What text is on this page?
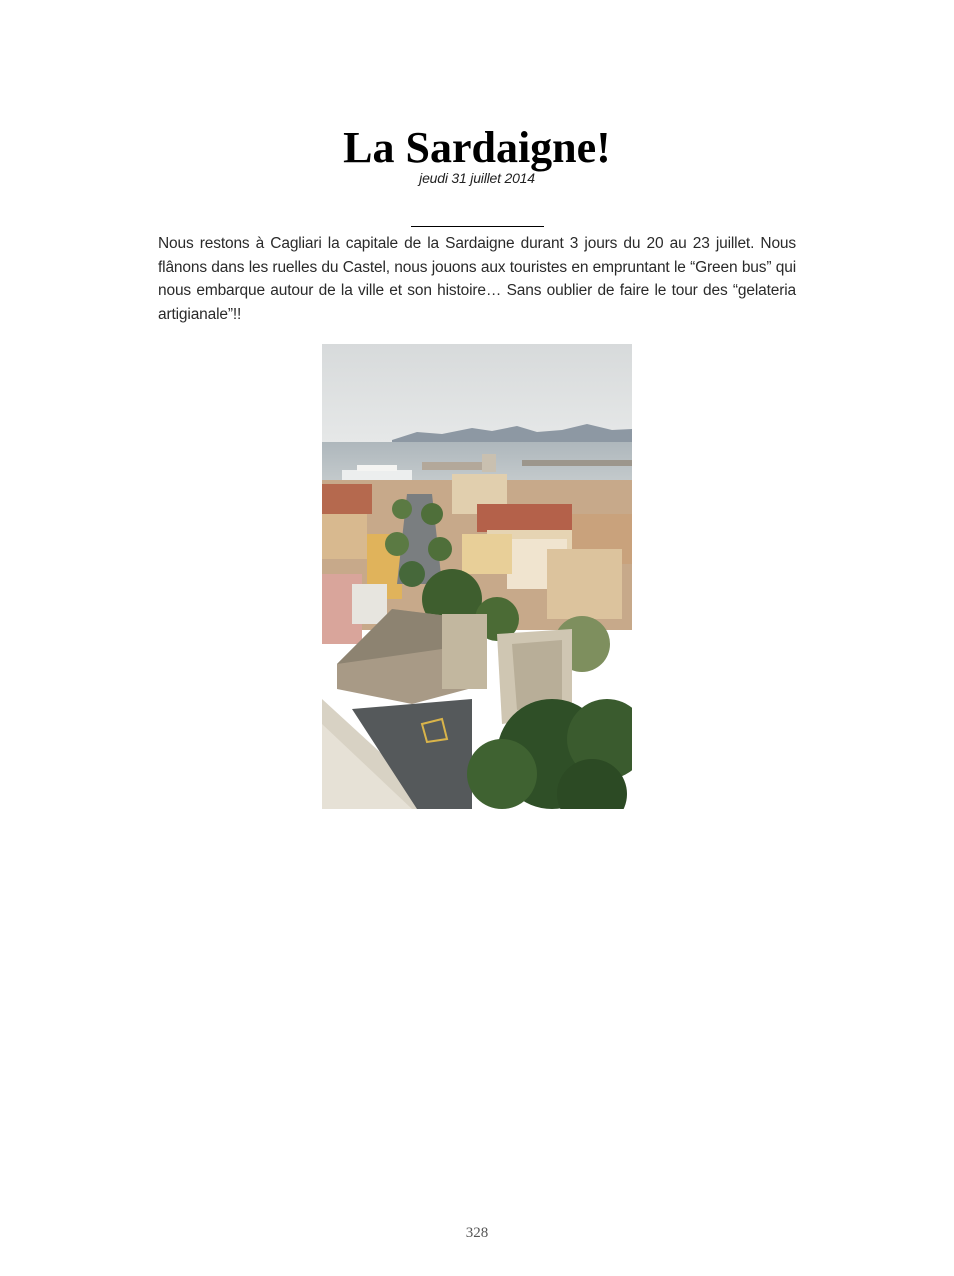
La Sardaigne!
jeudi 31 juillet 2014

Nous restons à Cagliari la capitale de la Sardaigne durant 3 jours du 20 au 23 juillet. Nous flânons dans les ruelles du Castel, nous jouons aux touristes en empruntant le “Green bus” qui nous embarque autour de la ville et son histoire… Sans oublier de faire le tour des “gelateria artigianale”!!

328
